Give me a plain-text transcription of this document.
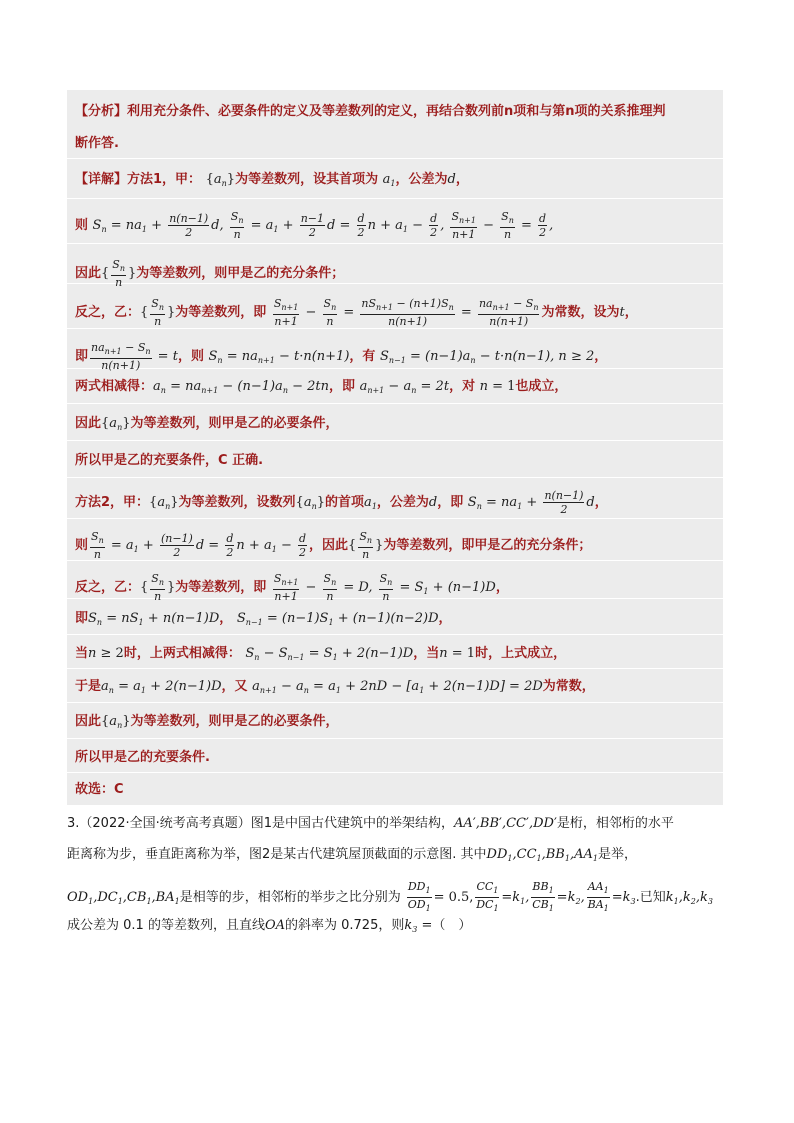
【分析】利用充分条件、必要条件的定义及等差数列的定义，再结合数列前n项和与第n项的关系推理判
断作答.
【详解】方法1，甲： $\{a_n\}$为等差数列，设其首项为 $a_1$，公差为d，
则 $S_n = na_1 + \frac{n(n-1)}{2} d$, $\frac{S_n}{n} = a_1 + \frac{n-1}{2}$ $d = \frac{d}{2}$ $n + a_1 - \frac{d}{2}$ , $\frac{S_{n+1}}{n+1} - \frac{S_n}{n} = \frac{d}{2}$ ,
因此{ $\frac{S_n}{n}$ }为等差数列，则甲是乙的充分条件；
反之，乙：{ $\frac{S_n}{n}$ }为等差数列，即 $\frac{S_{n+1}}{n+1} - \frac{S_n}{n} = \frac{nS_{n+1} - (n+1)S_n}{n(n+1)} = \frac{na_{n+1} - S_n}{n(n+1)}$ 为常数，设为t，
即 $\frac{na_{n+1} - S_n}{n(n+1)} = t$，则 $S_n = na_{n+1} - t\cdot n(n+1)$，有 $S_{n-1} = (n-1)a_n - t\cdot n(n-1)$, n ≥ 2，
两式相减得：$a_n = na_{n+1} - (n-1)a_n - 2tn$，即 $a_{n+1} - a_n = 2t$，对 n = 1也成立，
因此$\{a_n\}$为等差数列，则甲是乙的必要条件，
所以甲是乙的充要条件，C 正确.
方法2，甲：$\{a_n\}$为等差数列，设数列$\{a_n\}$的首项$a_1$，公差为d，即 $S_n = na_1 + \frac{n(n-1)}{2}$ d，
则 $\frac{S_n}{n} = a_1 + \frac{(n-1)}{2}$ $d = \frac{d}{2}$ $n + a_1 - \frac{d}{2}$ ，因此{ $\frac{S_n}{n}$ }为等差数列，即甲是乙的充分条件；
反之，乙：{ $\frac{S_n}{n}$ }为等差数列，即 $\frac{S_{n+1}}{n+1} - \frac{S_n}{n} = D$, $\frac{S_n}{n} = S_1 + (n-1)D$，
即$S_n = nS_1 + n(n-1)D$， $S_{n-1} = (n-1)S_1 + (n-1)(n-2)D$，
当n ≥ 2时，上两式相减得： $S_n - S_{n-1} = S_1 + 2(n-1)D$，当n = 1时，上式成立，
于是$a_n = a_1 + 2(n-1)D$，又 $a_{n+1} - a_n = a_1 + 2nD - [a_1 + 2(n-1)D] = 2D$为常数，
因此$\{a_n\}$为等差数列，则甲是乙的必要条件，
所以甲是乙的充要条件.
故选：C
3.（2022·全国·统考高考真题）图1是中国古代建筑中的举架结构，AA′,BB′,CC′,DD′是桁，相邻桁的水平
距离称为步，垂直距离称为举，图2是某古代建筑屋顶截面的示意图. 其中$DD_1,CC_1,BB_1,AA_1$是举，
$OD_1,DC_1,CB_1,BA_1$是相等的步，相邻桁的举步之比分别为 $\frac{DD_1}{OD_1} = 0.5$, $\frac{CC_1}{DC_1} =k_1$, $\frac{BB_1}{CB_1} =k_2$, $\frac{AA_1}{BA_1} =k_3$.已知$k_1,k_2,k_3$
成公差为 0.1 的等差数列，且直线OA的斜率为 0.725，则$k_3$ =（　）
